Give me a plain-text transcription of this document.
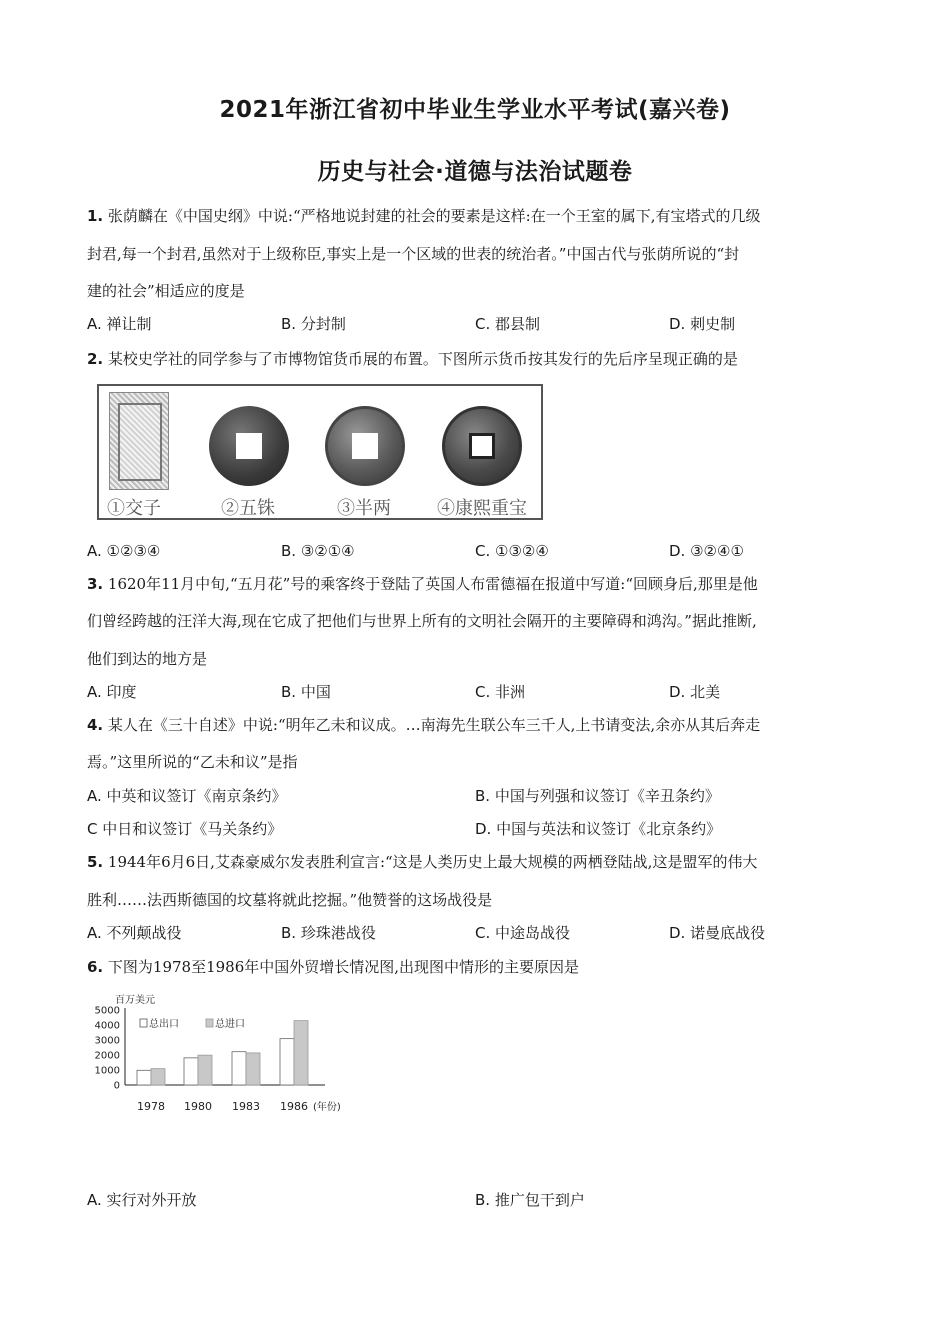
2021年浙江省初中毕业生学业水平考试(嘉兴卷)
历史与社会·道德与法治试题卷
1. 张荫麟在《中国史纲》中说:“严格地说封建的社会的要素是这样:在一个王室的属下,有宝塔式的几级
封君,每一个封君,虽然对于上级称臣,事实上是一个区域的世表的统治者。”中国古代与张荫所说的“封
建的社会”相适应的度是
A. 禅让制	B. 分封制	C. 郡县制	D. 刺史制
2. 某校史学社的同学参与了市博物馆货币展的布置。下图所示货币按其发行的先后序呈现正确的是
①交子	②五铢	③半两	④康熙重宝
A. ①②③④	B. ③②①④	C. ①③②④	D. ③②④①
3. 1620年11月中旬,“五月花”号的乘客终于登陆了英国人布雷德福在报道中写道:“回顾身后,那里是他
们曾经跨越的汪洋大海,现在它成了把他们与世界上所有的文明社会隔开的主要障碍和鸿沟。”据此推断,
他们到达的地方是
A. 印度	B. 中国	C. 非洲	D. 北美
4. 某人在《三十自述》中说:“明年乙未和议成。…南海先生联公车三千人,上书请变法,余亦从其后奔走
焉。”这里所说的“乙未和议”是指
A. 中英和议签订《南京条约》	B. 中国与列强和议签订《辛丑条约》
C 中日和议签订《马关条约》	D. 中国与英法和议签订《北京条约》
5. 1944年6月6日,艾森豪威尔发表胜利宣言:“这是人类历史上最大规模的两栖登陆战,这是盟军的伟大
胜利……法西斯德国的坟墓将就此挖掘。”他赞誉的这场战役是
A. 不列颠战役	B. 珍珠港战役	C. 中途岛战役	D. 诺曼底战役
6. 下图为1978至1986年中国外贸增长情况图,出现图中情形的主要原因是
百万美元
5000
4000
3000
2000
1000
0
总出口	总进口
1978 1980 1983 1986 (年份)
A. 实行对外开放	B. 推广包干到户
